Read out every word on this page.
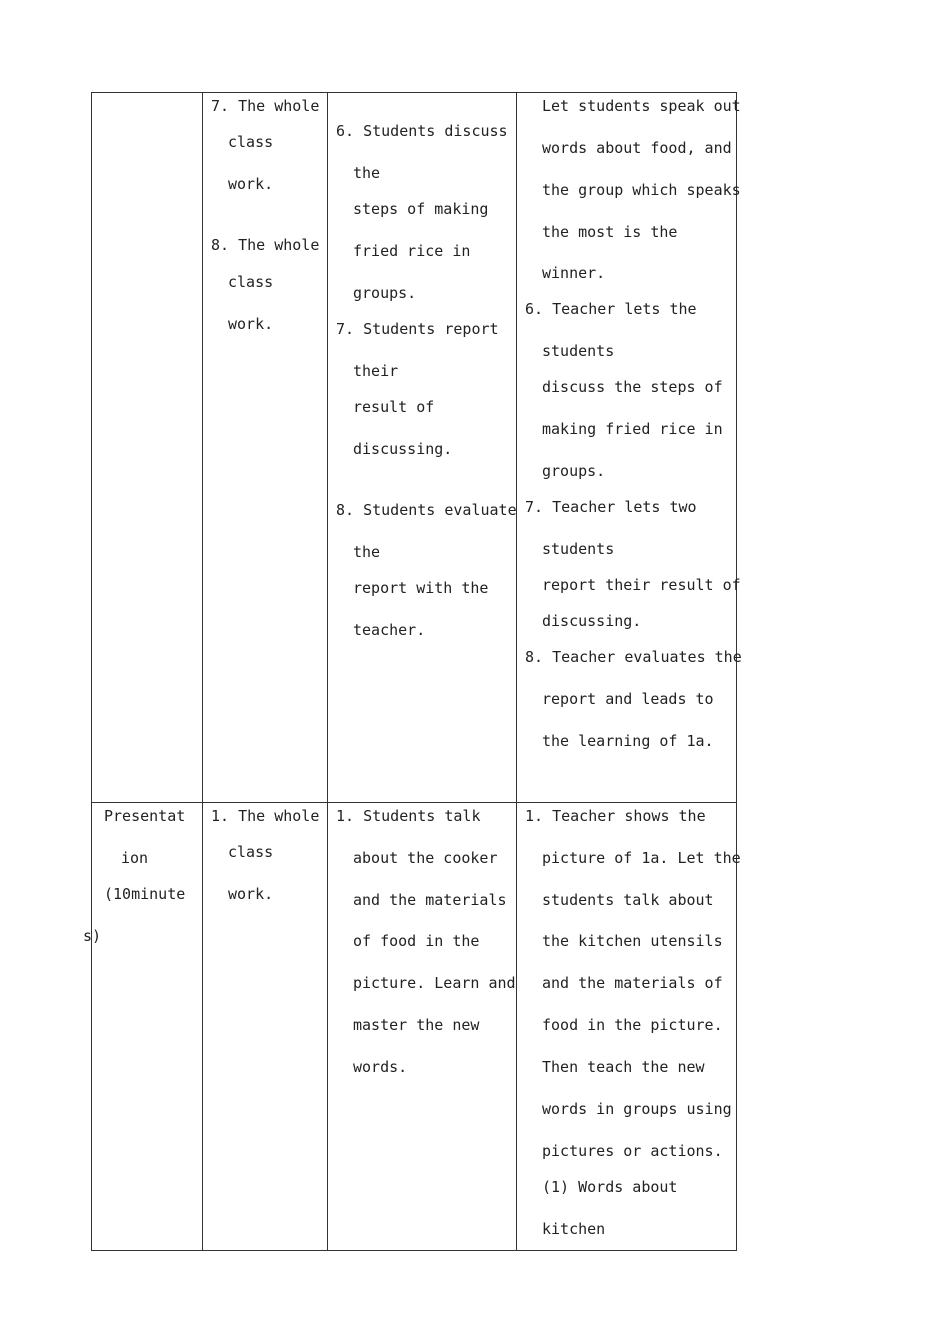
7. The whole
class
work.
8. The whole
class
work.
6. Students discuss
the
steps of making
fried rice in
groups.
7. Students report
their
result of
discussing.
8. Students evaluate
the
report with the
teacher.
Let students speak out
words about food, and
the group which speaks
the most is the
winner.
6. Teacher lets the
students
discuss the steps of
making fried rice in
groups.
7. Teacher lets two
students
report their result of
discussing.
8. Teacher evaluates the
report and leads to
the learning of 1a.
Presentat
ion
(10minute
s)
1. The whole
class
work.
1. Students talk
about the cooker
and the materials
of food in the
picture. Learn and
master the new
words.
1. Teacher shows the
picture of 1a. Let the
students talk about
the kitchen utensils
and the materials of
food in the picture.
Then teach the new
words in groups using
pictures or actions.
(1) Words about
kitchen
